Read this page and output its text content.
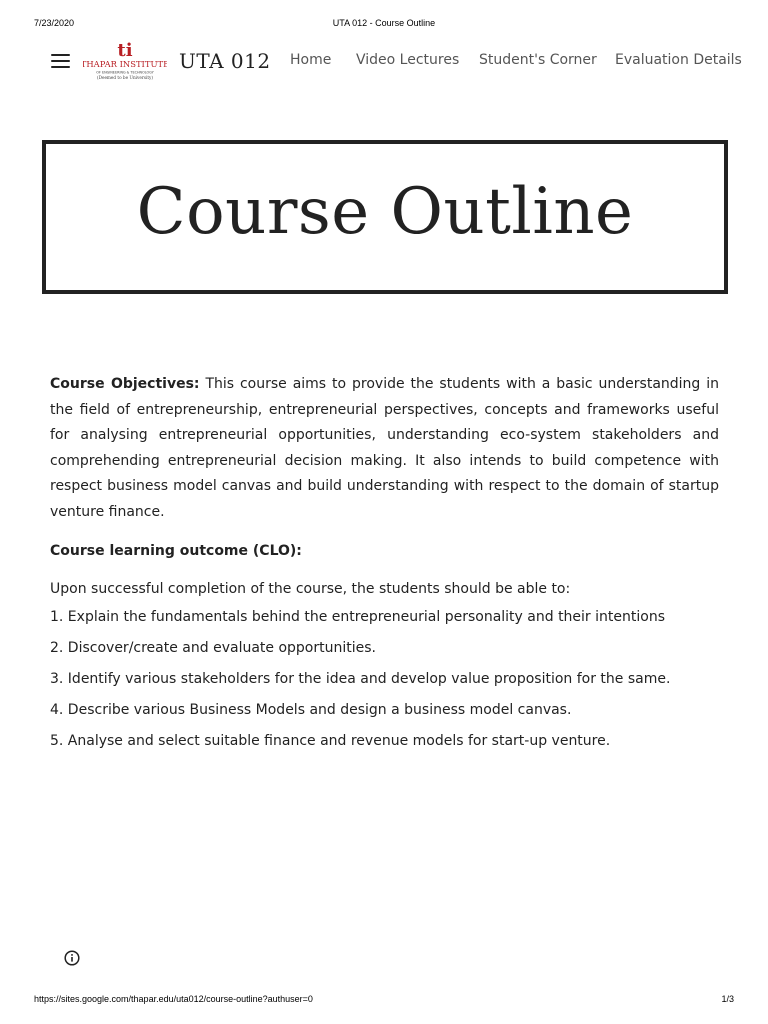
7/23/2020	UTA 012 - Course Outline
ti
THAPAR INSTITUTE
OF ENGINEERING & TECHNOLOGY
(Deemed to be University)
UTA 012 Home Video Lectures Student's Corner Evaluation Details
Course Outline

Course Objectives: This course aims to provide the students with a basic understanding in the field of entrepreneurship, entrepreneurial perspectives, concepts and frameworks useful for analysing entrepreneurial opportunities, understanding eco-system stakeholders and comprehending entrepreneurial decision making. It also intends to build competence with respect business model canvas and build understanding with respect to the domain of startup venture finance.

Course learning outcome (CLO):

Upon successful completion of the course, the students should be able to:

1. Explain the fundamentals behind the entrepreneurial personality and their intentions
2. Discover/create and evaluate opportunities.
3. Identify various stakeholders for the idea and develop value proposition for the same.
4. Describe various Business Models and design a business model canvas.
5. Analyse and select suitable finance and revenue models for start-up venture.
https://sites.google.com/thapar.edu/uta012/course-outline?authuser=0	1/3
